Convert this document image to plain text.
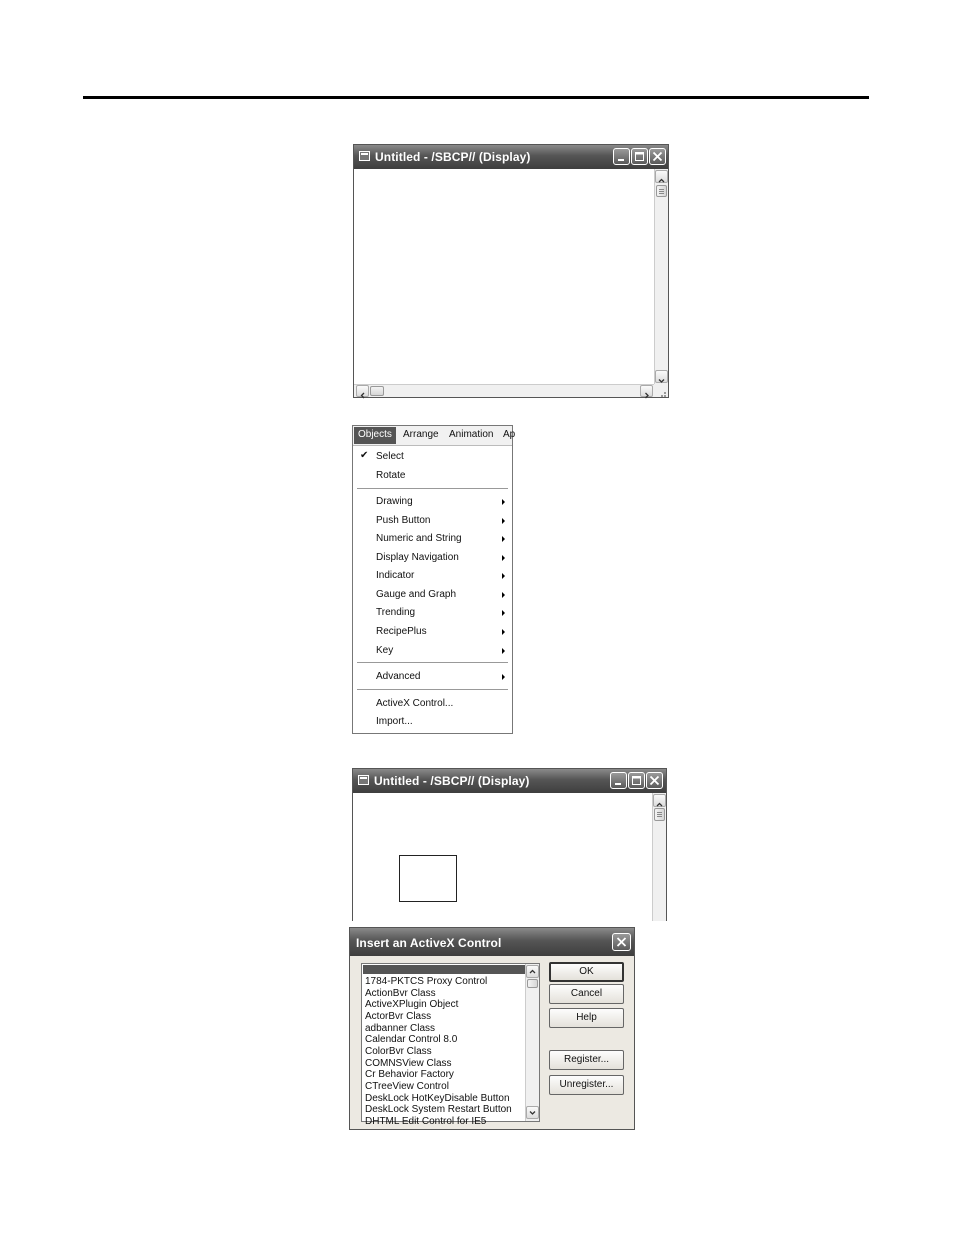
Untitled - /SBCP// (Display)
Objects Arrange Animation Ap
✔ Select
Rotate
Drawing
Push Button
Numeric and String
Display Navigation
Indicator
Gauge and Graph
Trending
RecipePlus
Key
Advanced
ActiveX Control...
Import...
Untitled - /SBCP// (Display)
Insert an ActiveX Control
1784-PKTCS Proxy Control
ActionBvr Class
ActiveXPlugin Object
ActorBvr Class
adbanner Class
Calendar Control 8.0
ColorBvr Class
COMNSView Class
Cr Behavior Factory
CTreeView Control
DeskLock HotKeyDisable Button
DeskLock System Restart Button
DHTML Edit Control for IE5
OK
Cancel
Help
Register...
Unregister...
